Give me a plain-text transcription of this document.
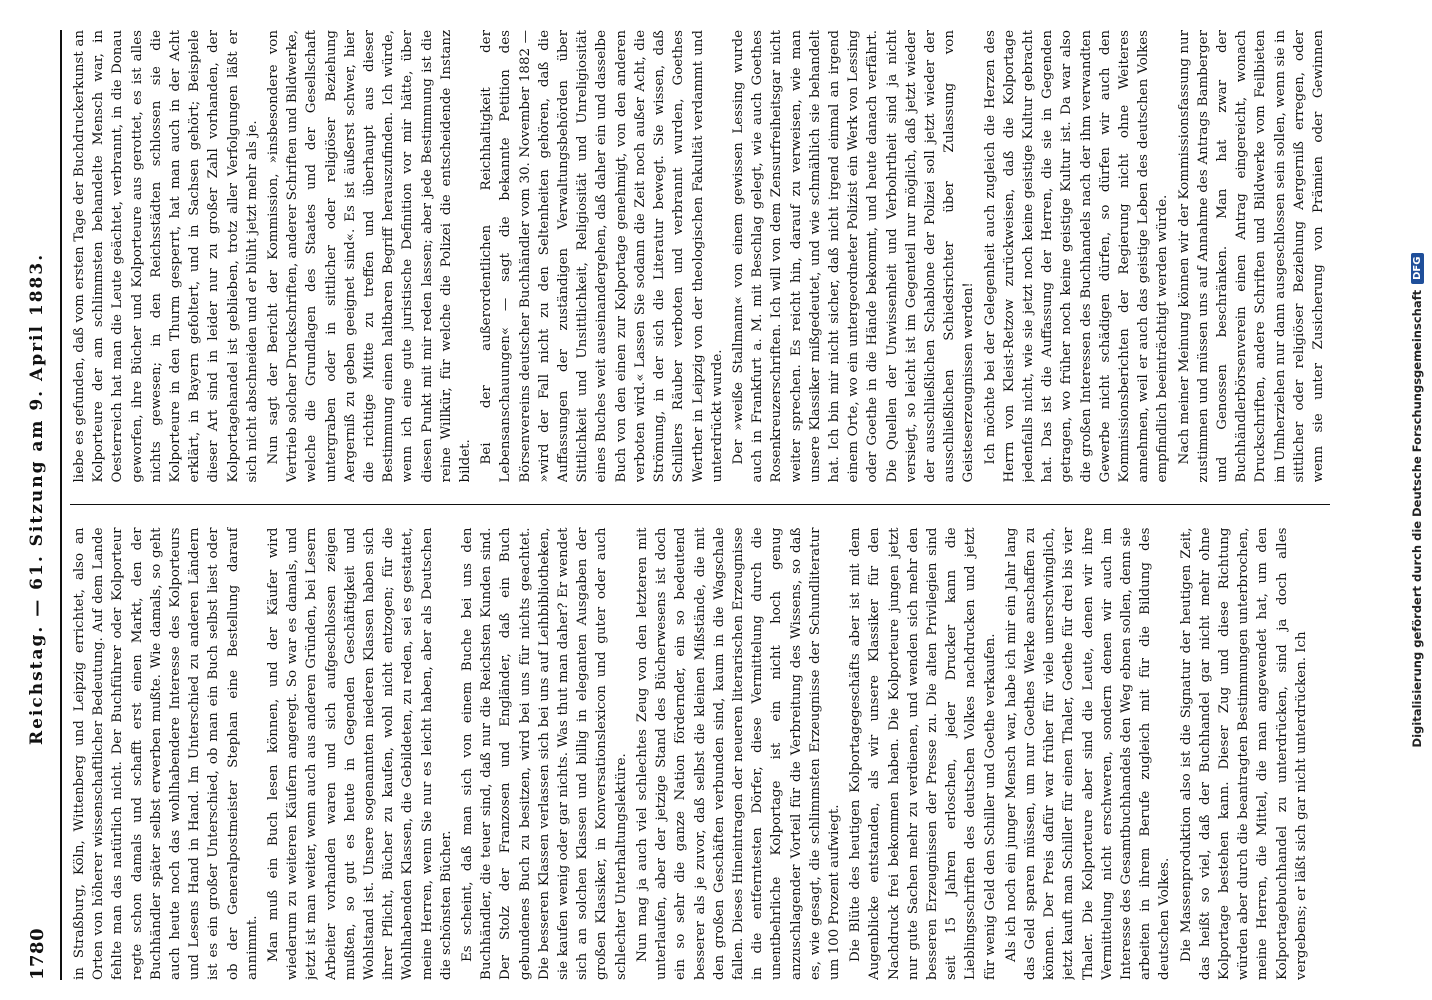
1780
Reichstag. — 61. Sitzung am 9. April 1883.

in Straßburg, Köln, Wittenberg und Leipzig errichtet, also an Orten von höherer wissenschaftlicher Bedeutung. Auf dem Lande fehlte man das natürlich nicht. Der Buchführer oder Kolporteur regte schon damals und schafft erst einen Markt, den der Buchhändler später selbst erwerben mußte. Wie damals, so geht auch heute noch das wohlhabendere Interesse des Kolporteurs und Lesens Hand in Hand. Im Unterschied zu anderen Ländern ist es ein großer Unterschied, ob man ein Buch selbst liest oder ob der Generalpostmeister Stephan eine Bestellung darauf annimmt. Man muß ein Buch lesen können, und der Käufer wird wiederum zu weiteren Käufern angeregt. So war es damals, und jetzt ist man weiter, wenn auch aus anderen Gründen, bei Lesern Arbeiter vorhanden waren und sich aufgeschlossen zeigen mußten, so gut es heute in Gegenden Geschäftigkeit und Wohlstand ist. Unsere sogenannten niederen Klassen haben sich ihrer Pflicht, Bücher zu kaufen, wohl nicht entzogen; für die Wohlhabenden Klassen, die Gebildeten, zu reden, sei es gestattet, meine Herren, wenn Sie nur es leicht haben, aber als Deutschen die schönsten Bücher. Es scheint, daß man sich von einem Buche bei uns den Buchhändler, die teuer sind, daß nur die Reichsten Kunden sind. Der Stolz der Franzosen und Engländer, daß ein Buch gebundenes Buch zu besitzen, wird bei uns für nichts geachtet. Die besseren Klassen verlassen sich bei uns auf Leihbibliotheken, sie kaufen wenig oder gar nichts. Was thut man daher? Er wendet sich an solchen Klassen und billig in eleganten Ausgaben der großen Klassiker, in Konversationslexicon und guter oder auch schlechter Unterhaltungslektüre. Nun mag ja auch viel schlechtes Zeug von den letzteren mit unterlaufen, aber der jetzige Stand des Bücherwesens ist doch ein so sehr die ganze Nation fördernder, ein so bedeutend besserer als je zuvor, daß selbst die kleinen Mißstände, die mit den großen Geschäften verbunden sind, kaum in die Wagschale fallen. Dieses Hineintragen der neueren literarischen Erzeugnisse in die entferntesten Dörfer, diese Vermittelung durch die unentbehrliche Kolportage ist ein nicht hoch genug anzuschlagender Vorteil für die Verbreitung des Wissens, so daß es, wie gesagt, die schlimmsten Erzeugnisse der Schundliteratur um 100 Prozent aufwiegt. Die Blüte des heutigen Kolportagegeschäfts aber ist mit dem Augenblicke entstanden, als wir unsere Klassiker für den Nachdruck frei bekommen haben. Die Kolporteure jungen jetzt nur gute Sachen mehr zu verdienen, und wenden sich mehr den besseren Erzeugnissen der Presse zu. Die alten Privilegien sind seit 15 Jahren erloschen, jeder Drucker kann die Lieblingsschriften des deutschen Volkes nachdrucken und jetzt für wenig Geld den Schiller und Goethe verkaufen. Als ich noch ein junger Mensch war, habe ich mir ein Jahr lang das Geld sparen müssen, um nur Goethes Werke anschaffen zu können. Der Preis dafür war früher für viele unerschwinglich, jetzt kauft man Schiller für einen Thaler, Goethe für drei bis vier Thaler. Die Kolporteure aber sind die Leute, denen wir ihre Vermittelung nicht erschweren, sondern denen wir auch im Interesse des Gesamtbuchhandels den Weg ebnen sollen, denn sie arbeiten in ihrem Berufe zugleich mit für die Bildung des deutschen Volkes. Die Massenproduktion also ist die Signatur der heutigen Zeit, das heißt so viel, daß der Buchhandel gar nicht mehr ohne Kolportage bestehen kann. Dieser Zug und diese Richtung würden aber durch die beantragten Bestimmungen unterbrochen, meine Herren, die Mittel, die man angewendet hat, um den Kolportagebuchhandel zu unterdrücken, sind ja doch alles vergebens; er läßt sich gar nicht unterdrücken. Ich

liebe es gefunden, daß vom ersten Tage der Buchdruckerkunst an Kolporteure der am schlimmsten behandelte Mensch war, in Oesterreich hat man die Leute geächtet, verbrannt, in die Donau geworfen, ihre Bücher und Kolporteure aus gerottet, es ist alles nichts gewesen; in den Reichsstädten schlossen sie die Kolporteure in den Thurm gesperrt, hat man auch in der Acht erklärt, in Bayern gefoltert, und in Sachsen gehört; Beispiele dieser Art sind in leider nur zu großer Zahl vorhanden, der Kolportagehandel ist geblieben, trotz aller Verfolgungen läßt er sich nicht abschneiden und er blüht jetzt mehr als je. Nun sagt der Bericht der Kommission, »insbesondere von Vertrieb solcher Druckschriften, anderer Schriften und Bildwerke, welche die Grundlagen des Staates und der Gesellschaft untergraben oder in sittlicher oder religiöser Beziehung Aergerniß zu geben geeignet sind«. Es ist äußerst schwer, hier die richtige Mitte zu treffen und überhaupt aus dieser Bestimmung einen haltbaren Begriff herauszufinden. Ich würde, wenn ich eine gute juristische Definition vor mir hätte, über diesen Punkt mit mir reden lassen; aber jede Bestimmung ist die reine Willkür, für welche die Polizei die entscheidende Instanz bildet. Bei der außerordentlichen Reichhaltigkeit der Lebensanschauungen« — sagt die bekannte Petition des Börsenvereins deutscher Buchhändler vom 30. November 1882 — »wird der Fall nicht zu den Seltenheiten gehören, daß die Auffassungen der zuständigen Verwaltungsbehörden über Sittlichkeit und Unsittlichkeit, Religiosität und Unreligiosität eines Buches weit auseinandergehen, daß daher ein und dasselbe Buch von den einen zur Kolportage genehmigt, von den anderen verboten wird.« Lassen Sie sodann die Zeit noch außer Acht, die Strömung, in der sich die Literatur bewegt. Sie wissen, daß Schillers Räuber verboten und verbrannt wurden, Goethes Werther in Leipzig von der theologischen Fakultät verdammt und unterdrückt wurde. Der »weiße Stallmann« von einem gewissen Lessing wurde auch in Frankfurt a. M. mit Beschlag gelegt, wie auch Goethes Rosenkreuzerschriften. Ich will von dem Zensurfreiheitsgar nicht weiter sprechen. Es reicht hin, darauf zu verweisen, wie man unsere Klassiker mißgedeutet, und wie schmählich sie behandelt hat. Ich bin mir nicht sicher, daß nicht irgend einmal an irgend einem Orte, wo ein untergeordneter Polizist ein Werk von Lessing oder Goethe in die Hände bekommt, und heute danach verfährt. Die Quellen der Unwissenheit und Verbohrtheit sind ja nicht versiegt, so leicht ist im Gegenteil nur möglich, daß jetzt wieder der ausschließlichen Schablone der Polizei soll jetzt wieder der ausschließlichen Schiedsrichter über Zulassung von Geisteserzeugnissen werden! Ich möchte bei der Gelegenheit auch zugleich die Herzen des Herrn von Kleist-Retzow zurückweisen, daß die Kolportage jedenfalls nicht, wie sie jetzt noch keine geistige Kultur gebracht hat. Das ist die Auffassung der Herren, die sie in Gegenden getragen, wo früher noch keine geistige Kultur ist. Da war also die großen Interessen des Buchhandels nach der ihm verwandten Gewerbe nicht schädigen dürfen, so dürfen wir auch den Kommissionsberichten der Regierung nicht ohne Weiteres annehmen, weil er auch das geistige Leben des deutschen Volkes empfindlich beeinträchtigt werden würde. Nach meiner Meinung können wir der Kommissionsfassung nur zustimmen und müssen uns auf Annahme des Antrags Bamberger und Genossen beschränken. Man hat zwar der Buchhändlerbörsenverein einen Antrag eingereicht, wonach Druckschriften, andere Schriften und Bildwerke vom Feilbieten im Umherziehen nur dann ausgeschlossen sein sollen, wenn sie in sittlicher oder religiöser Beziehung Aergerniß erregen, oder wenn sie unter Zusicherung von Prämien oder Gewinnen

Digitalisierung gefördert durch die Deutsche Forschungsgemeinschaft
DFG
